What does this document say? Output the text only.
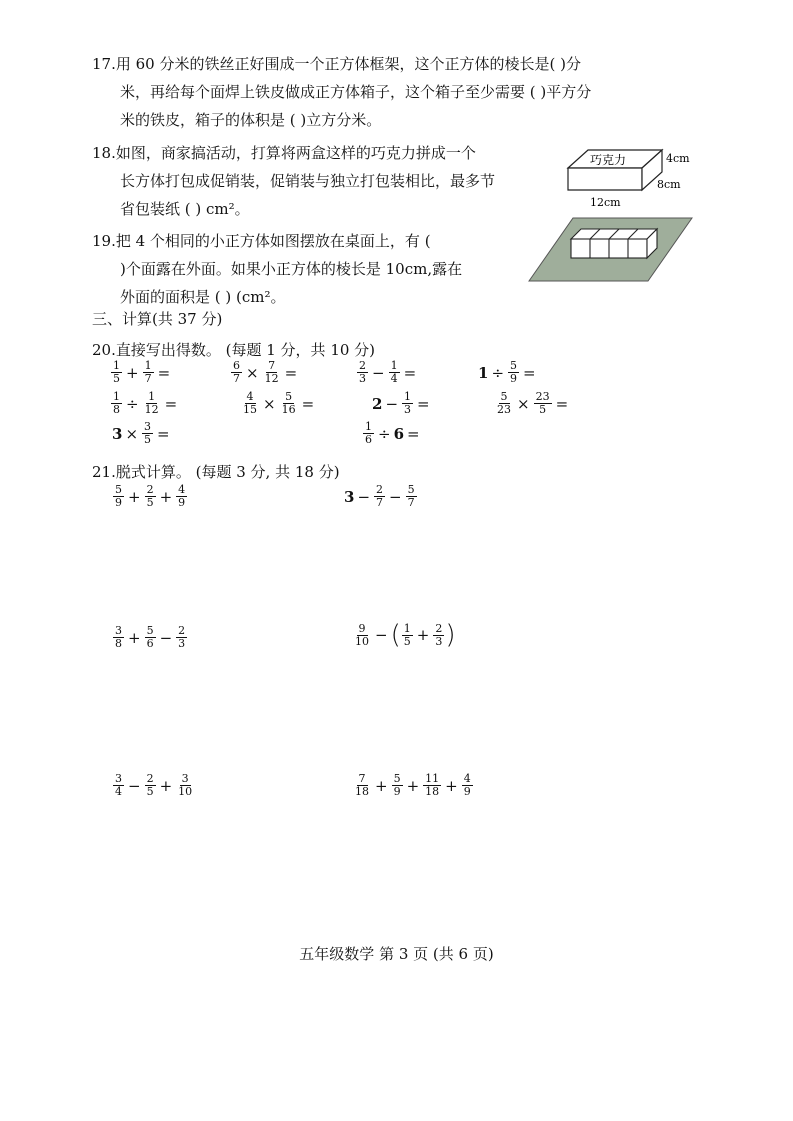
17.用 60 分米的铁丝正好围成一个正方体框架，这个正方体的棱长是( )分
米，再给每个面焊上铁皮做成正方体箱子，这个箱子至少需要 ( )平方分
米的铁皮，箱子的体积是 ( )立方分米。
18.如图，商家搞活动，打算将两盒这样的巧克力拼成一个
长方体打包成促销装，促销装与独立打包装相比，最多节
省包装纸 ( ) cm²。
巧克力	4cm
8cm
12cm
19.把 4 个相同的小正方体如图摆放在桌面上，有 (
)个面露在外面。如果小正方体的棱长是 10cm,露在
外面的面积是 ( ) (cm²。
三、计算(共 37 分)
20.直接写出得数。 (每题 1 分，共 10 分)
$\frac{1}{5} + \frac{1}{7}$ =	$\frac{6}{7} \times \frac{7}{12}$ =	$\frac{2}{3} - \frac{1}{4}$ =	$1 \div \frac{5}{9}$ =
$\frac{1}{8} \div \frac{1}{12}$ =	$\frac{4}{15} \times \frac{5}{16}$ =	$2 - \frac{1}{3}$ =	$\frac{5}{23} \times \frac{23}{5}$ =
$3 \times \frac{3}{5}$ =	$\frac{1}{6} \div 6$ =
21.脱式计算。 (每题 3 分, 共 18 分)
$\frac{5}{9} + \frac{2}{5} + \frac{4}{9}$	$3 - \frac{2}{7} - \frac{5}{7}$
$\frac{3}{8} + \frac{5}{6} - \frac{2}{3}$	$\frac{9}{10}$ − ( $\frac{1}{5} + \frac{2}{3}$ )
$\frac{3}{4} - \frac{2}{5} + \frac{3}{10}$	$\frac{7}{18} + \frac{5}{9} + \frac{11}{18} + \frac{4}{9}$
五年级数学 第 3 页 (共 6 页)
